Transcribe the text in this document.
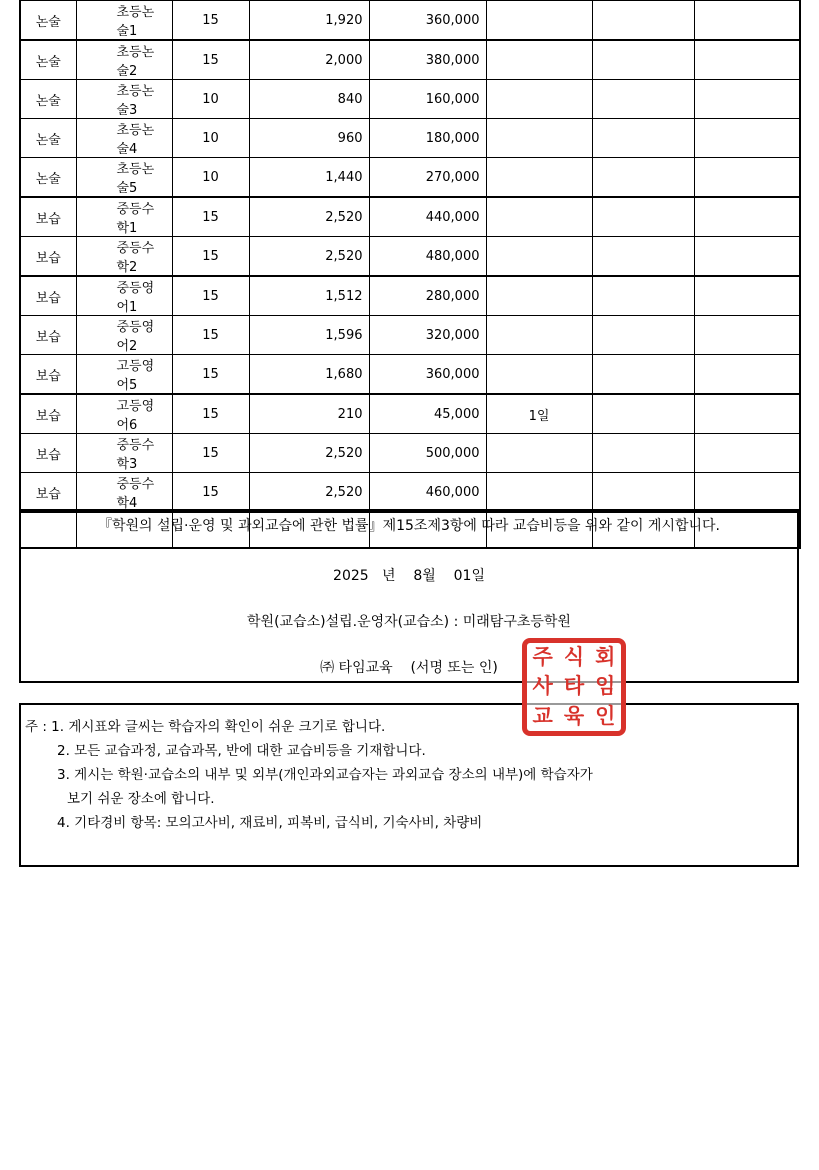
논술	초등논술1	15	1,920	360,000			
논술	초등논술2	15	2,000	380,000			
논술	초등논술3	10	840	160,000			
논술	초등논술4	10	960	180,000			
논술	초등논술5	10	1,440	270,000			
보습	중등수학1	15	2,520	440,000			
보습	중등수학2	15	2,520	480,000			
보습	중등영어1	15	1,512	280,000			
보습	중등영어2	15	1,596	320,000			
보습	고등영어5	15	1,680	360,000			
보습	고등영어6	15	210	45,000	1일		
보습	중등수학3	15	2,520	500,000			
보습	중등수학4	15	2,520	460,000			

『학원의 설립·운영 및 과외교습에 관한 법률』제15조제3항에 따라 교습비등을 위와 같이 게시합니다.
2025 년 8월 01일
학원(교습소)설립.운영자(교습소) : 미래탐구초등학원
㈜ 타임교육 (서명 또는 인)	주 식 회
사 타 임
교 육 인
주 : 1. 게시표와 글씨는 학습자의 확인이 쉬운 크기로 합니다.
2. 모든 교습과정, 교습과목, 반에 대한 교습비등을 기재합니다.
3. 게시는 학원·교습소의 내부 및 외부(개인과외교습자는 과외교습 장소의 내부)에 학습자가
보기 쉬운 장소에 합니다.
4. 기타경비 항목: 모의고사비, 재료비, 피복비, 급식비, 기숙사비, 차량비
